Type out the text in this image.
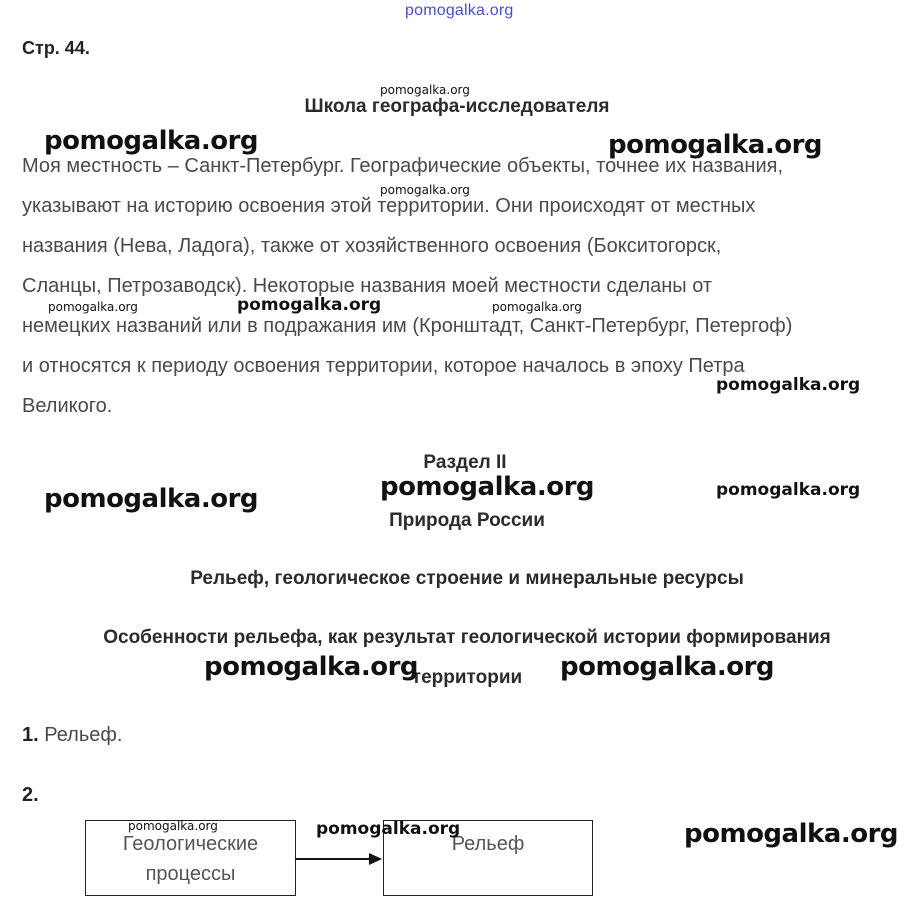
pomogalka.org
Стр. 44.
Школа географа-исследователя

Моя местность – Санкт-Петербург. Географические объекты, точнее их названия,

указывают на историю освоения этой территории. Они происходят от местных

названия (Нева, Ладога), также от хозяйственного освоения (Бокситогорск,

Сланцы, Петрозаводск). Некоторые названия моей местности сделаны от

немецких названий или в подражания им (Кронштадт, Санкт-Петербург, Петергоф)

и относятся к периоду освоения территории, которое началось в эпоху Петра

Великого.

Раздел II
Природа России
Рельеф, геологическое строение и минеральные ресурсы
Особенности рельефа, как результат геологической истории формирования
территории
1. Рельеф.
2.
Геологические
процессы
Рельеф
pomogalka.org
pomogalka.org	pomogalka.org
pomogalka.org
pomogalka.org	pomogalka.org	pomogalka.org
pomogalka.org
pomogalka.org	pomogalka.org	pomogalka.org
pomogalka.org	pomogalka.org
pomogalka.org	pomogalka.org	pomogalka.org
